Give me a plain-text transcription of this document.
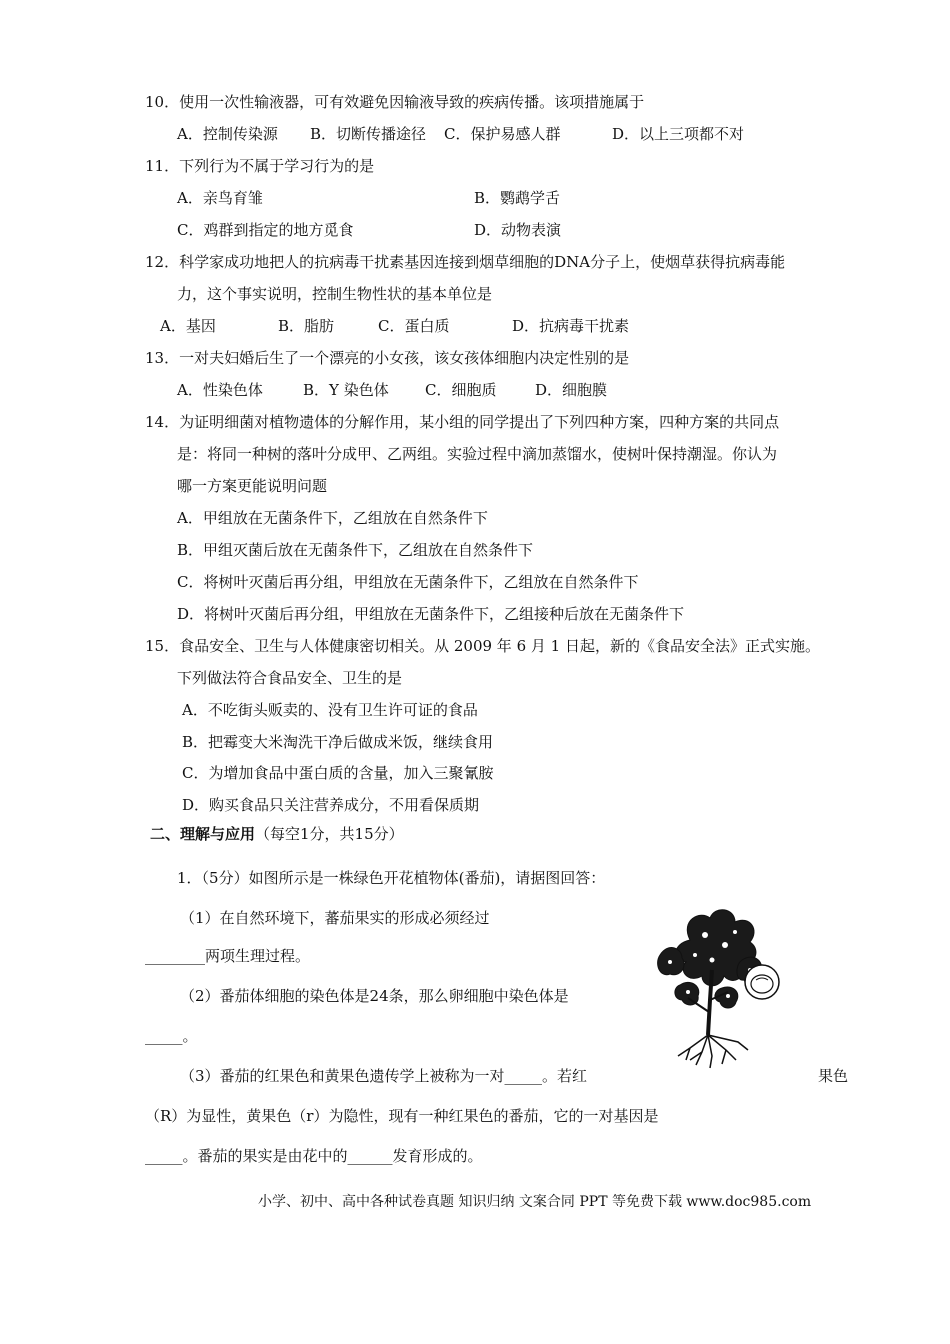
10．使用一次性输液器，可有效避免因输液导致的疾病传播。该项措施属于
A．控制传染源 B．切断传播途径 C．保护易感人群	D．以上三项都不对
11．下列行为不属于学习行为的是
A．亲鸟育雏	B．鹦鹉学舌
C．鸡群到指定的地方觅食	D．动物表演
12．科学家成功地把人的抗病毒干扰素基因连接到烟草细胞的DNA分子上，使烟草获得抗病毒能
力，这个事实说明，控制生物性状的基本单位是
A．基因	B．脂肪	C．蛋白质	D．抗病毒干扰素
13．一对夫妇婚后生了一个漂亮的小女孩，该女孩体细胞内决定性别的是
A．性染色体	B．Y 染色体 C．细胞质	D．细胞膜
14．为证明细菌对植物遗体的分解作用，某小组的同学提出了下列四种方案，四种方案的共同点
是：将同一种树的落叶分成甲、乙两组。实验过程中滴加蒸馏水，使树叶保持潮湿。你认为
哪一方案更能说明问题
A．甲组放在无菌条件下，乙组放在自然条件下
B．甲组灭菌后放在无菌条件下，乙组放在自然条件下
C．将树叶灭菌后再分组，甲组放在无菌条件下，乙组放在自然条件下
D．将树叶灭菌后再分组，甲组放在无菌条件下，乙组接种后放在无菌条件下
15．食品安全、卫生与人体健康密切相关。从 2009 年 6 月 1 日起，新的《食品安全法》正式实施。
下列做法符合食品安全、卫生的是
A．不吃街头贩卖的、没有卫生许可证的食品
B．把霉变大米淘洗干净后做成米饭，继续食用
C．为增加食品中蛋白质的含量，加入三聚氰胺
D．购买食品只关注营养成分，不用看保质期
二、理解与应用（每空1分，共15分）
1．（5分）如图所示是一株绿色开花植物体(番茄)，请据图回答：
（1）在自然环境下，蕃茄果实的形成必须经过
________两项生理过程。
（2）番茄体细胞的染色体是24条，那么卵细胞中染色体是
_____。
（3）番茄的红果色和黄果色遗传学上被称为一对_____。若红	果色
（R）为显性，黄果色（r）为隐性，现有一种红果色的番茄，它的一对基因是
_____。番茄的果实是由花中的______发育形成的。
小学、初中、高中各种试卷真题 知识归纳 文案合同 PPT 等免费下载 www.doc985.com
